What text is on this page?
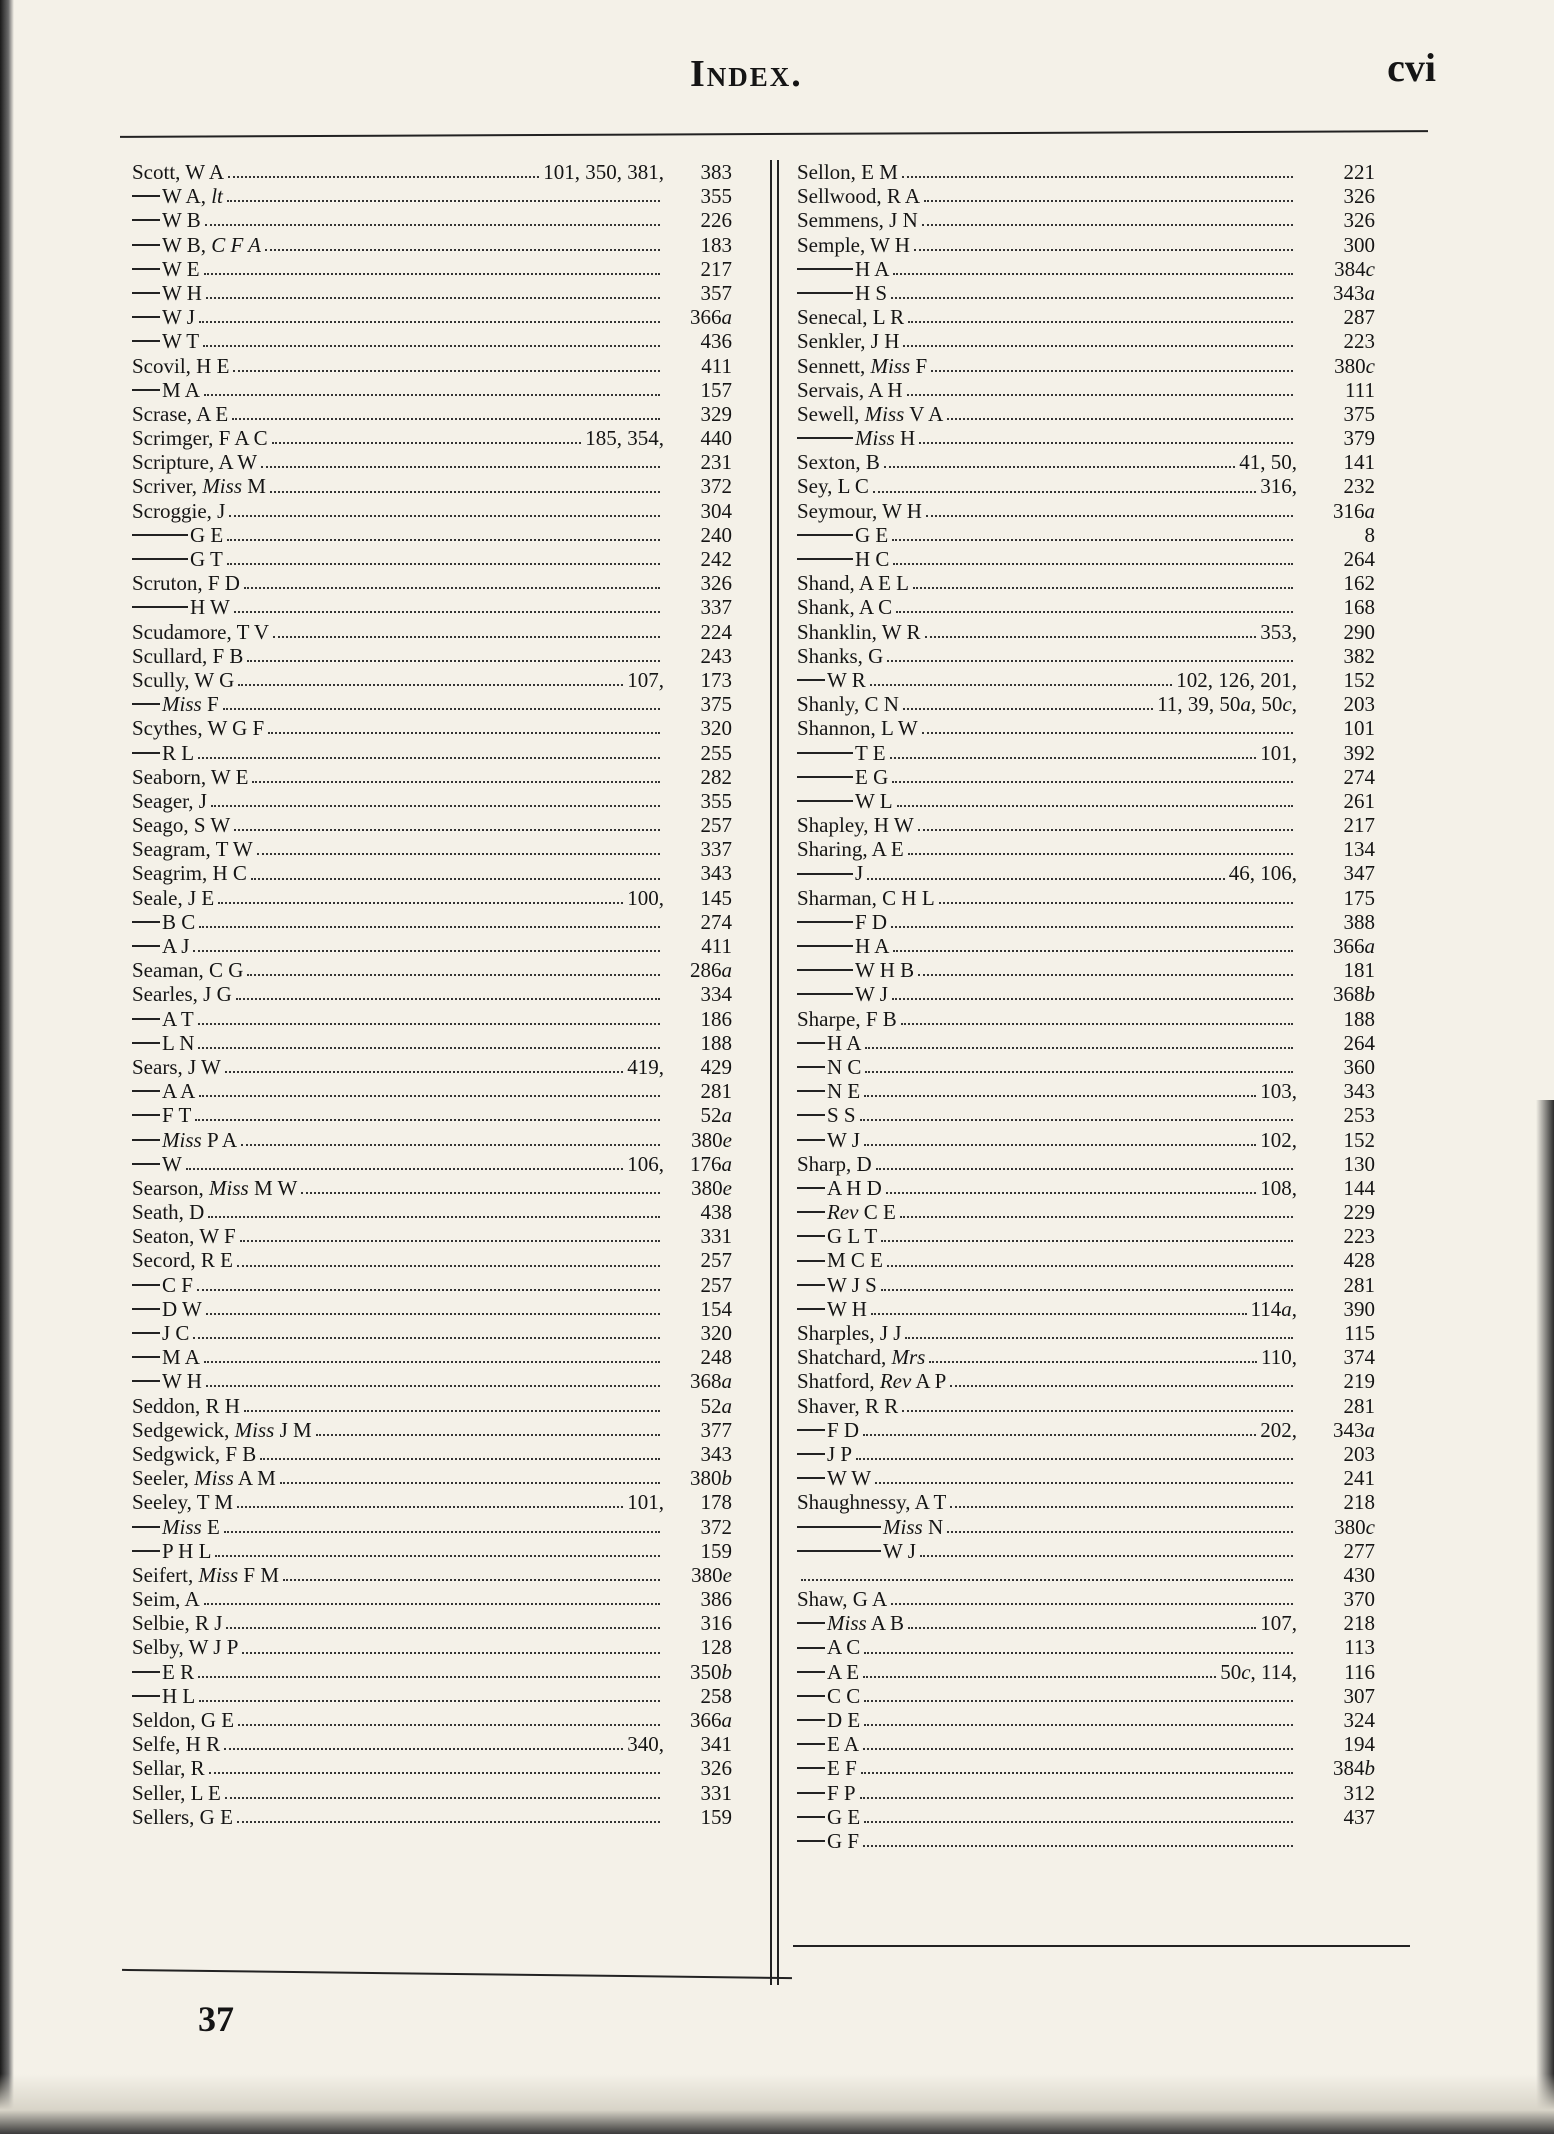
Index.	cvi
Scott, W A	101, 350, 381,	383
W A, lt	355
W B	226
W B, C F A	183
W E	217
W H	357
W J	366a
W T	436
Scovil, H E	411
M A	157
Scrase, A E	329
Scrimger, F A C	185, 354,	440
Scripture, A W	231
Scriver, Miss M	372
Scroggie, J	304
G E	240
G T	242
Scruton, F D	326
H W	337
Scudamore, T V	224
Scullard, F B	243
Scully, W G	107,	173
Miss F	375
Scythes, W G F	320
R L	255
Seaborn, W E	282
Seager, J	355
Seago, S W	257
Seagram, T W	337
Seagrim, H C	343
Seale, J E	100,	145
B C	274
A J	411
Seaman, C G	286a
Searles, J G	334
A T	186
L N	188
Sears, J W	419,	429
A A	281
F T	52a
Miss P A	380e
W	106,	176a
Searson, Miss M W	380e
Seath, D	438
Seaton, W F	331
Secord, R E	257
C F	257
D W	154
J C	320
M A	248
W H	368a
Seddon, R H	52a
Sedgewick, Miss J M	377
Sedgwick, F B	343
Seeler, Miss A M	380b
Seeley, T M	101,	178
Miss E	372
P H L	159
Seifert, Miss F M	380e
Seim, A	386
Selbie, R J	316
Selby, W J P	128
E R	350b
H L	258
Seldon, G E	366a
Selfe, H R	340,	341
Sellar, R	326
Seller, L E	331
Sellers, G E	159
Sellon, E M	221
Sellwood, R A	326
Semmens, J N	326
Semple, W H	300
H A	384c
H S	343a
Senecal, L R	287
Senkler, J H	223
Sennett, Miss F	380c
Servais, A H	111
Sewell, Miss V A	375
Miss H	379
Sexton, B	41, 50,	141
Sey, L C	316,	232
Seymour, W H	316a
G E	8
H C	264
Shand, A E L	162
Shank, A C	168
Shanklin, W R	353,	290
Shanks, G	382
W R	102, 126, 201,	152
Shanly, C N	11, 39, 50a, 50c,	203
Shannon, L W	101
T E	101,	392
E G	274
W L	261
Shapley, H W	217
Sharing, A E	134
J	46, 106,	347
Sharman, C H L	175
F D	388
H A	366a
W H B	181
W J	368b
Sharpe, F B	188
H A	264
N C	360
N E	103,	343
S S	253
W J	102,	152
Sharp, D	130
A H D	108,	144
Rev C E	229
G L T	223
M C E	428
W J S	281
W H	114a,	390
Sharples, J J	115
Shatchard, Mrs	110,	374
Shatford, Rev A P	219
Shaver, R R	281
F D	202,	343a
J P	203
W W	241
Shaughnessy, A T	218
Miss N	380c
W J	277
430
Shaw, G A	370
Miss A B	107,	218
A C	113
A E	50c, 114,	116
C C	307
D E	324
E A	194
E F	384b
F P	312
G E	437
G F
37
